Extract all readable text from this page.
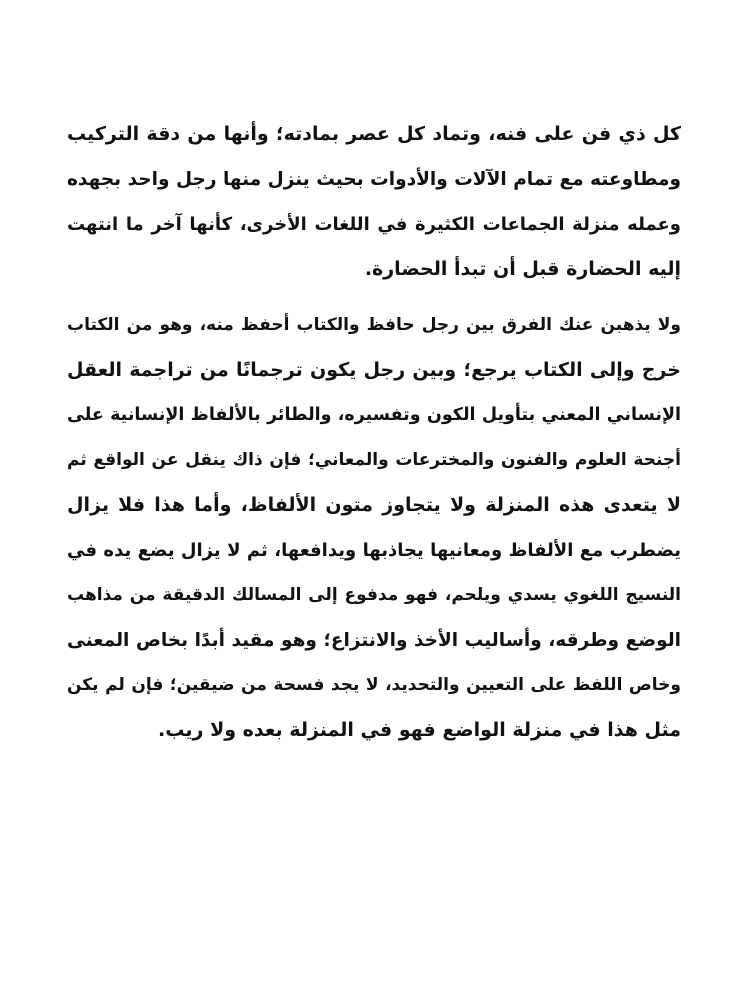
كل ذي فن على فنه، وتماد كل عصر بمادته؛ وأنها من دقة التركيب
ومطاوعته مع تمام الآلات والأدوات بحيث ينزل منها رجل واحد بجهده
وعمله منزلة الجماعات الكثيرة في اللغات الأخرى، كأنها آخر ما انتهت
إليه الحضارة قبل أن تبدأ الحضارة.
ولا يذهبن عنك الفرق بين رجل حافظ والكتاب أحفظ منه، وهو من الكتاب
خرج وإلى الكتاب يرجع؛ وبين رجل يكون ترجمانًا من تراجمة العقل
الإنساني المعني بتأويل الكون وتفسيره، والطائر بالألفاظ الإنسانية على
أجنحة العلوم والفنون والمخترعات والمعاني؛ فإن ذاك ينقل عن الواقع ثم
لا يتعدى هذه المنزلة ولا يتجاوز متون الألفاظ، وأما هذا فلا يزال
يضطرب مع الألفاظ ومعانيها يجاذبها ويدافعها، ثم لا يزال يضع يده في
النسيج اللغوي يسدي ويلحم، فهو مدفوع إلى المسالك الدقيقة من مذاهب
الوضع وطرقه، وأساليب الأخذ والانتزاع؛ وهو مقيد أبدًا بخاص المعنى
وخاص اللفظ على التعيين والتحديد، لا يجد فسحة من ضيقين؛ فإن لم يكن
مثل هذا في منزلة الواضع فهو في المنزلة بعده ولا ريب.
